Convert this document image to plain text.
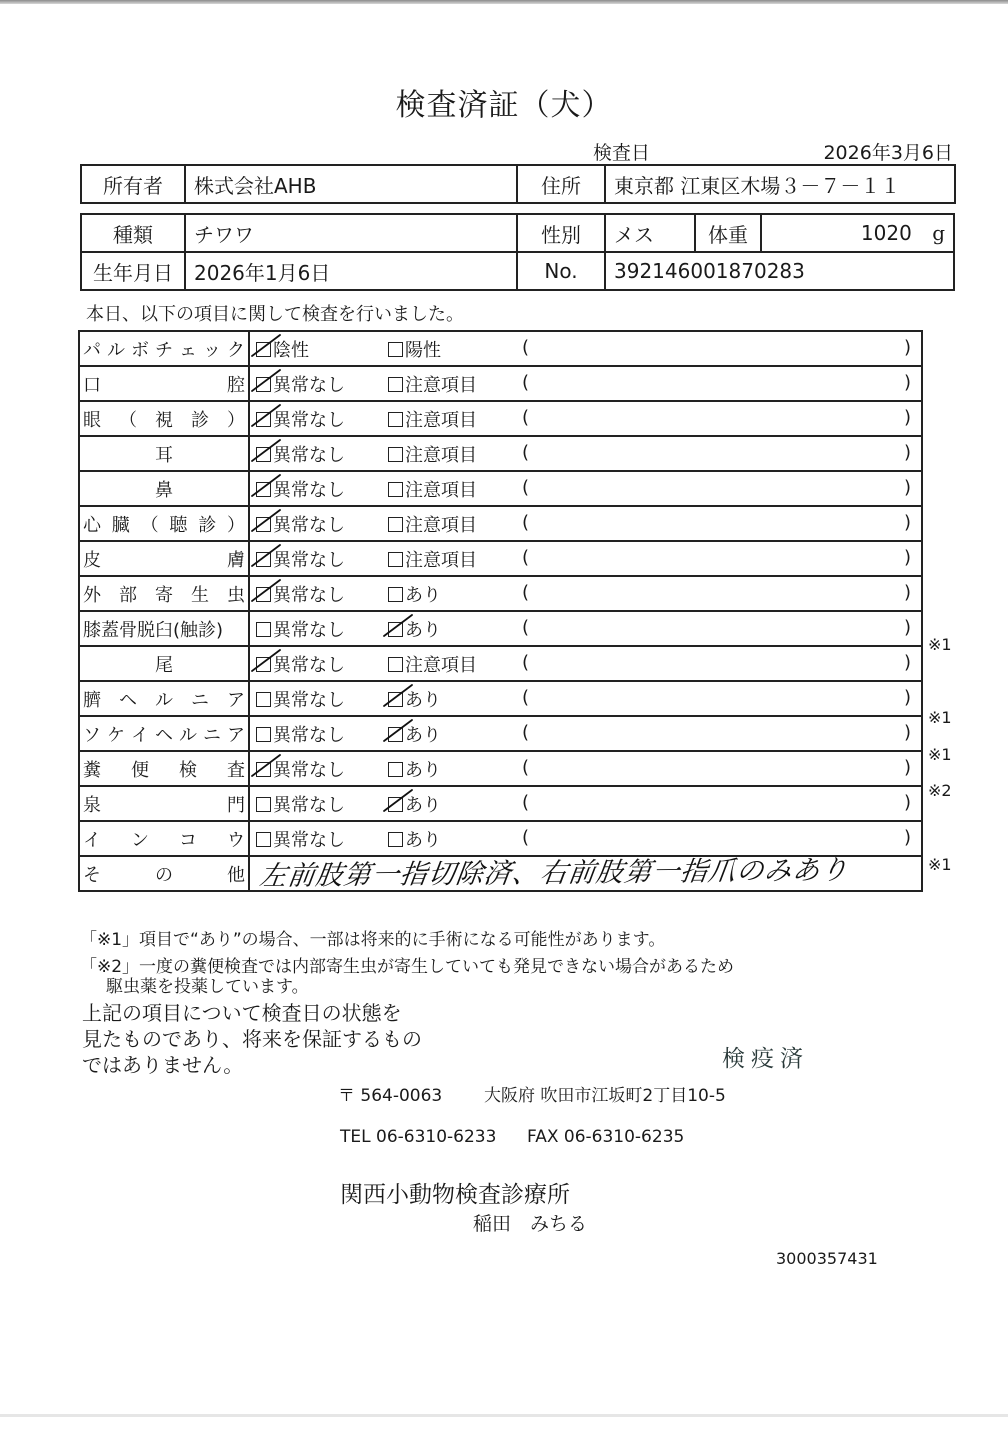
検査済証（犬）
検査日	2026年3月6日
所有者	株式会社AHB	住所	東京都 江東区木場３－７－１１
種類	チワワ	性別	メス	体重	1020 g
生年月日	2026年1月6日	No.	392146001870283		
本日、以下の項目に関して検査を行いました。
パ ル ボ チ ェ ッ ク	陰性	陽性	(	)

口 腔	異常なし	注意項目	( )

眼 （ 視 診 ）	異常なし	注意項目	( )

耳	異常なし	注意項目	( )

鼻	異常なし	注意項目	( )

心 臓 （ 聴 診 ）	異常なし	注意項目	(	)

皮 膚	異常なし	注意項目	( )

外 部 寄 生 虫	異常なし	あり	( )

膝蓋骨脱臼(触診)	異常なし	あり	( )

尾	異常なし	注意項目	( )

臍 ヘ ル ニ ア	異常なし	あり	( )

ソ ケ イ ヘ ル ニ ア	異常なし	あり	(	)

糞 便 検 査	異常なし	あり	( )

泉 門	異常なし	あり	( )

イ ン コ ウ	異常なし	あり	( )

そ の 他	左前肢第一指切除済、右前肢第一指爪のみあり		
※1
※1
※1
※2
※1
「※1」項目で“あり”の場合、一部は将来的に手術になる可能性があります。
「※2」一度の糞便検査では内部寄生虫が寄生していても発見できない場合があるため
駆虫薬を投薬しています。
上記の項目について検査日の状態を
見たものであり、将来を保証するもの
ではありません。	検疫済
〒 564-0063 大阪府 吹田市江坂町2丁目10-5
TEL 06-6310-6233 FAX 06-6310-6235
関西小動物検査診療所
稲田　みちる
3000357431
